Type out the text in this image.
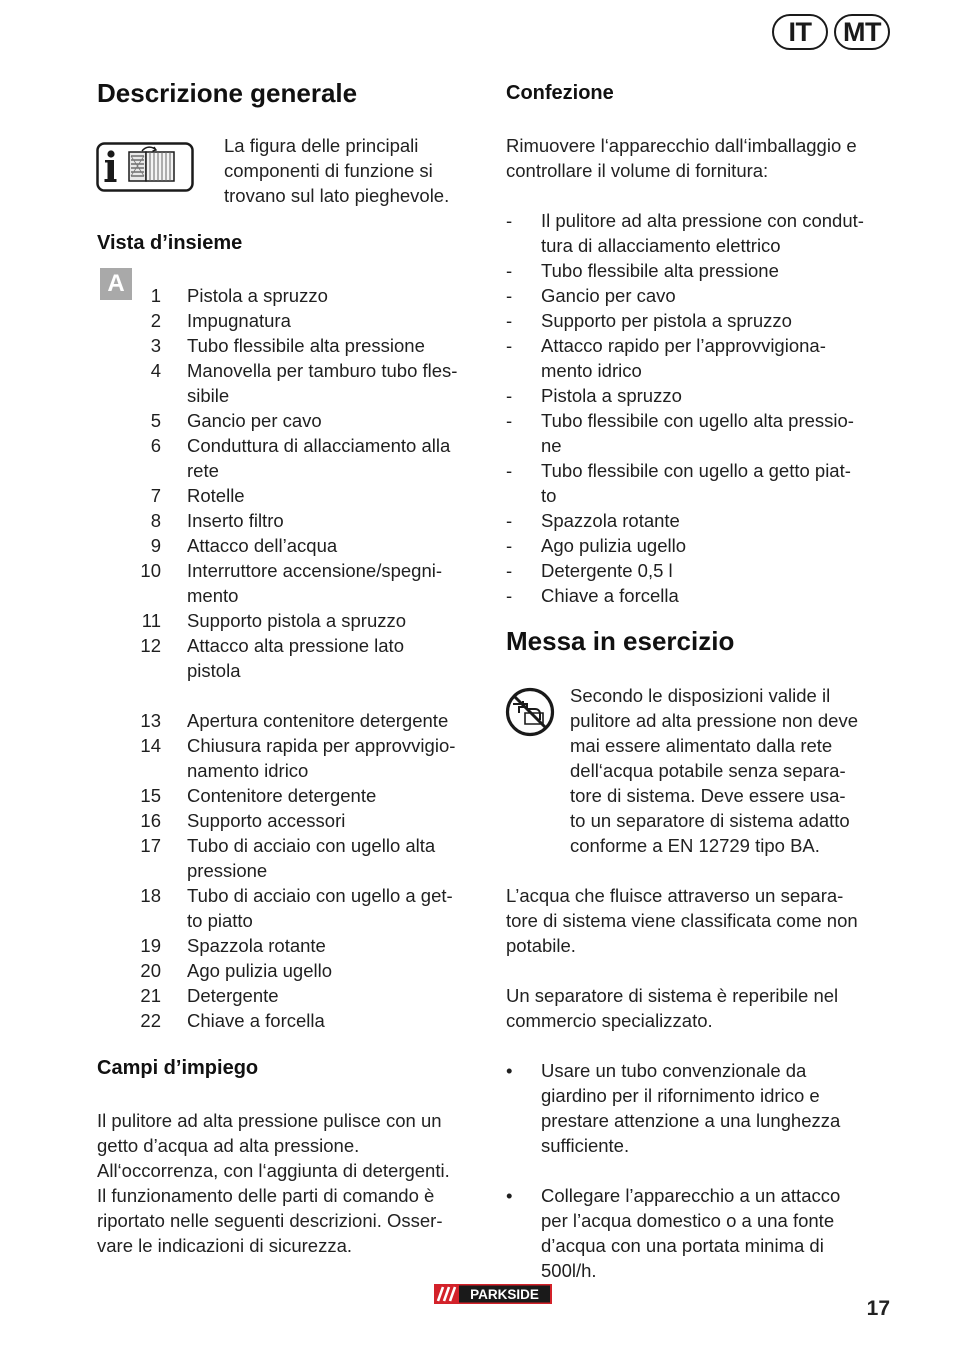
IT	MT
Descrizione generale
La figura delle principali
componenti di funzione si
trovano sul lato pieghevole.
Vista d’insieme
1 Pistola a spruzzo
2 Impugnatura
3 Tubo flessibile alta pressione
4 Manovella per tamburo tubo fles-
sibile
5 Gancio per cavo
6 Conduttura di allacciamento alla
rete
7 Rotelle
8 Inserto filtro
9 Attacco dell’acqua
10 Interruttore accensione/spegni-
mento
11 Supporto pistola a spruzzo
12 Attacco alta pressione lato
pistola
13 Apertura contenitore detergente
14 Chiusura rapida per approvvigio-
namento idrico
15 Contenitore detergente
16 Supporto accessori
17 Tubo di acciaio con ugello alta
pressione
18 Tubo di acciaio con ugello a get-
to piatto
19 Spazzola rotante
20 Ago pulizia ugello
21 Detergente
22 Chiave a forcella
Campi d’impiego
Il pulitore ad alta pressione pulisce con un
getto d’acqua ad alta pressione.
All‘occorrenza, con l‘aggiunta di detergenti.
Il funzionamento delle parti di comando è
riportato nelle seguenti descrizioni. Osser-
vare le indicazioni di sicurezza.
A
Confezione
Rimuovere l‘apparecchio dall‘imballaggio e
controllare il volume di fornitura:
-	Il pulitore ad alta pressione con condut-
tura di allacciamento elettrico
-	Tubo flessibile alta pressione
-	Gancio per cavo
-	Supporto per pistola a spruzzo
-	Attacco rapido per l’approvvigiona-
mento idrico
-	Pistola a spruzzo
-	Tubo flessibile con ugello alta pressio-
ne
-	Tubo flessibile con ugello a getto piat-
to
-	Spazzola rotante
-	Ago pulizia ugello
-	Detergente 0,5 l
-	Chiave a forcella
Messa in esercizio
Secondo le disposizioni valide il
pulitore ad alta pressione non deve
mai essere alimentato dalla rete
dell‘acqua potabile senza separa-
tore di sistema. Deve essere usa-
to un separatore di sistema adatto
conforme a EN 12729 tipo BA.
L’acqua che fluisce attraverso un separa-
tore di sistema viene classificata come non
potabile.
Un separatore di sistema è reperibile nel
commercio specializzato.
• Usare un tubo convenzionale da
giardino per il rifornimento idrico e
prestare attenzione a una lunghezza
sufficiente.
• Collegare l’apparecchio a un attacco
per l’acqua domestico o a una fonte
d’acqua con una portata minima di
500l/h.
PARKSIDE
17
